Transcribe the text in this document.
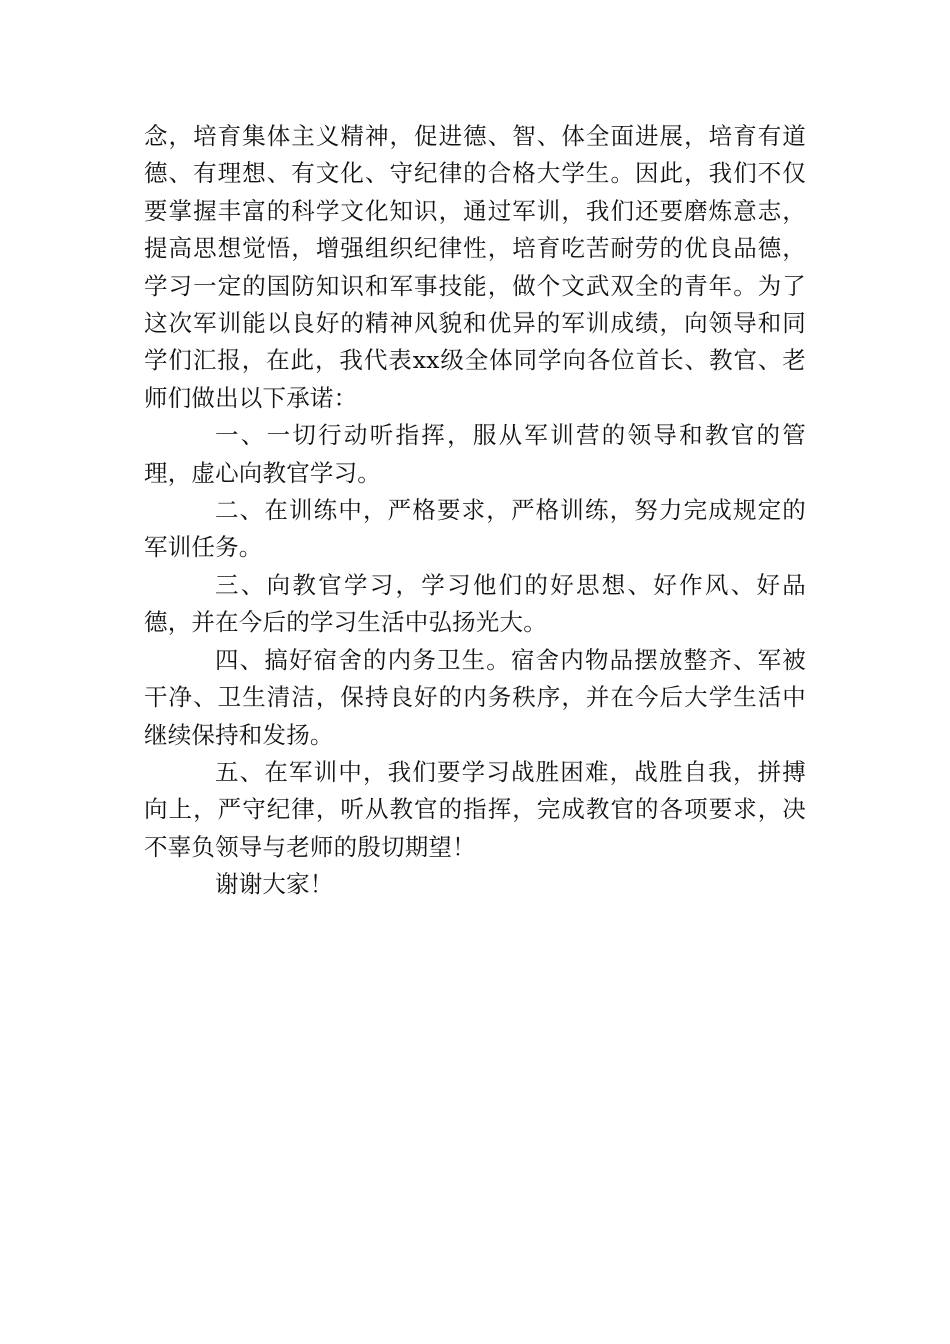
念，培育集体主义精神，促进德、智、体全面进展，培育有道德、有理想、有文化、守纪律的合格大学生。因此，我们不仅要掌握丰富的科学文化知识，通过军训，我们还要磨炼意志，提高思想觉悟，增强组织纪律性，培育吃苦耐劳的优良品德，学习一定的国防知识和军事技能，做个文武双全的青年。为了这次军训能以良好的精神风貌和优异的军训成绩，向领导和同学们汇报，在此，我代表xx级全体同学向各位首长、教官、老师们做出以下承诺：

一、一切行动听指挥，服从军训营的领导和教官的管理，虚心向教官学习。

二、在训练中，严格要求，严格训练，努力完成规定的军训任务。

三、向教官学习，学习他们的好思想、好作风、好品德，并在今后的学习生活中弘扬光大。

四、搞好宿舍的内务卫生。宿舍内物品摆放整齐、军被干净、卫生清洁，保持良好的内务秩序，并在今后大学生活中继续保持和发扬。

五、在军训中，我们要学习战胜困难，战胜自我，拼搏向上，严守纪律，听从教官的指挥，完成教官的各项要求，决不辜负领导与老师的殷切期望！

谢谢大家！
